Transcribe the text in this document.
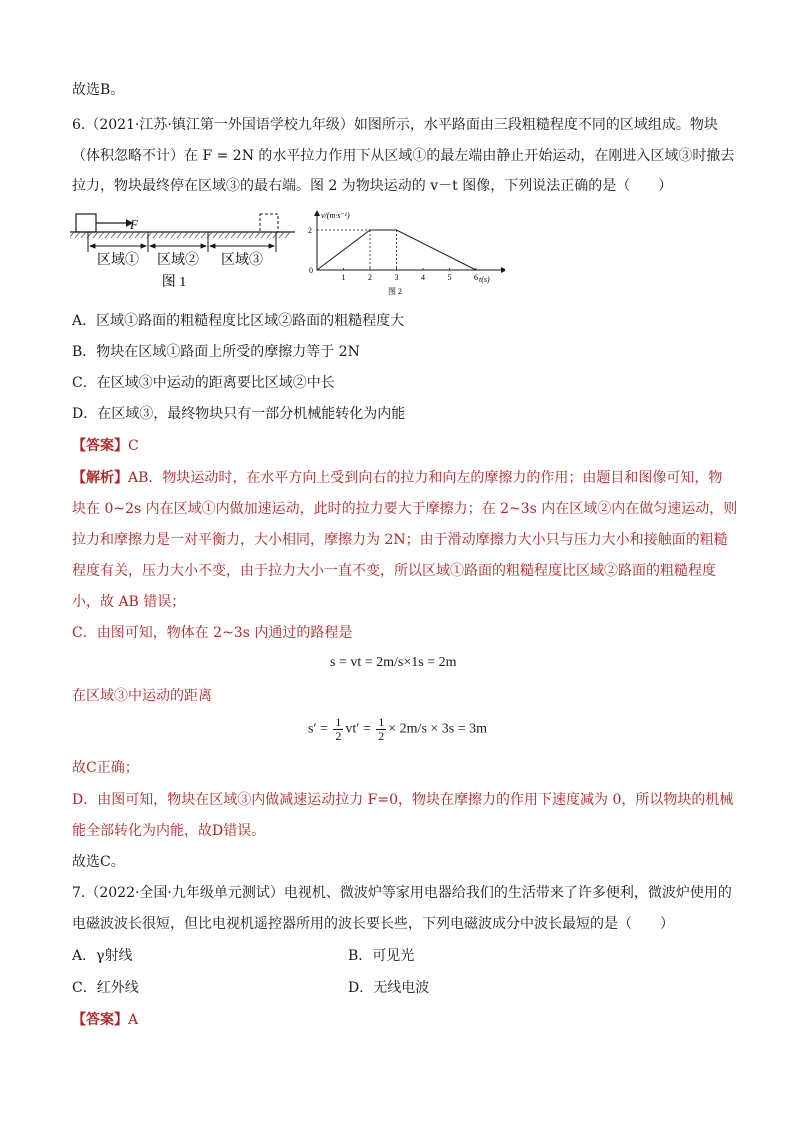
故选B。
6.（2021·江苏·镇江第一外国语学校九年级）如图所示，水平路面由三段粗糙程度不同的区域组成。物块
（体积忽略不计）在 F = 2N 的水平拉力作用下从区域①的最左端由静止开始运动，在刚进入区域③时撤去
拉力，物块最终停在区域③的最右端。图 2 为物块运动的 v－t 图像，下列说法正确的是（　　）
F
区域① 区域② 区域③
图 1
v/(m·s⁻¹)
t(s)
0
2
1	2	3	4	5	6
图 2
A．区域①路面的粗糙程度比区域②路面的粗糙程度大
B．物块在区域①路面上所受的摩擦力等于 2N
C．在区域③中运动的距离要比区域②中长
D．在区域③，最终物块只有一部分机械能转化为内能
【答案】C
【解析】AB．物块运动时，在水平方向上受到向右的拉力和向左的摩擦力的作用；由题目和图像可知，物
块在 0~2s 内在区域①内做加速运动，此时的拉力要大于摩擦力；在 2~3s 内在区域②内在做匀速运动，则
拉力和摩擦力是一对平衡力，大小相同，摩擦力为 2N；由于滑动摩擦力大小只与压力大小和接触面的粗糙
程度有关，压力大小不变，由于拉力大小一直不变，所以区域①路面的粗糙程度比区域②路面的粗糙程度
小，故 AB 错误；
C．由图可知，物体在 2~3s 内通过的路程是
s = vt = 2m/s×1s = 2m
在区域③中运动的距离
$s' = \frac{1}{2} vt' = \frac{1}{2} \times 2m/s \times 3s = 3m$
故C正确；
D．由图可知，物块在区域③内做减速运动拉力 F=0，物块在摩擦力的作用下速度减为 0，所以物块的机械
能全部转化为内能，故D错误。
故选C。
7.（2022·全国·九年级单元测试）电视机、微波炉等家用电器给我们的生活带来了许多便利，微波炉使用的
电磁波波长很短，但比电视机遥控器所用的波长要长些，下列电磁波成分中波长最短的是（　　）
A．γ射线	B．可见光
C．红外线	D．无线电波
【答案】A
